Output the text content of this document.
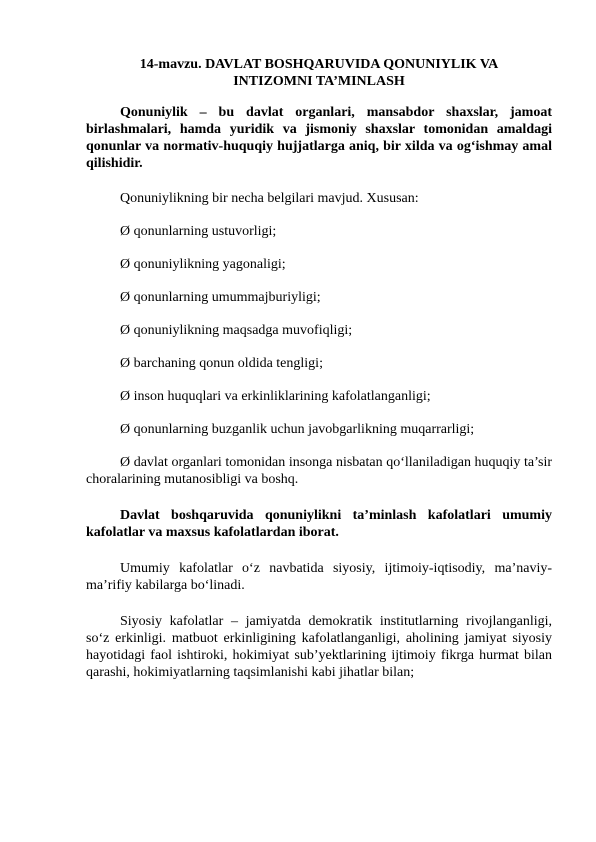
14-mavzu. DAVLAT BOSHQARUVIDA QONUNIYLIK VA
INTIZOMNI TA’MINLASH

Qonuniylik – bu davlat organlari, mansabdor shaxslar, jamoat birlashmalari, hamda yuridik va jismoniy shaxslar tomonidan amaldagi qonunlar va normativ-huquqiy hujjatlarga aniq, bir xilda va og‘ishmay amal qilishidir.

Qonuniylikning bir necha belgilari mavjud. Xususan:

Ø qonunlarning ustuvorligi;
Ø qonuniylikning yagonaligi;
Ø qonunlarning umummajburiyligi;
Ø qonuniylikning maqsadga muvofiqligi;
Ø barchaning qonun oldida tengligi;
Ø inson huquqlari va erkinliklarining kafolatlanganligi;
Ø qonunlarning buzganlik uchun javobgarlikning muqarrarligi;

Ø davlat organlari tomonidan insonga nisbatan qo‘llaniladigan huquqiy ta’sir choralarining mutanosibligi va boshq.

Davlat boshqaruvida qonuniylikni ta’minlash kafolatlari umumiy kafolatlar va maxsus kafolatlardan iborat.

Umumiy kafolatlar o‘z navbatida siyosiy, ijtimoiy-iqtisodiy, ma’naviy-ma’rifiy kabilarga bo‘linadi.

Siyosiy kafolatlar – jamiyatda demokratik institutlarning rivojlanganligi, so‘z erkinligi. matbuot erkinligining kafolatlanganligi, aholining jamiyat siyosiy hayotidagi faol ishtiroki, hokimiyat sub’yektlarining ijtimoiy fikrga hurmat bilan qarashi, hokimiyatlarning taqsimlanishi kabi jihatlar bilan;
